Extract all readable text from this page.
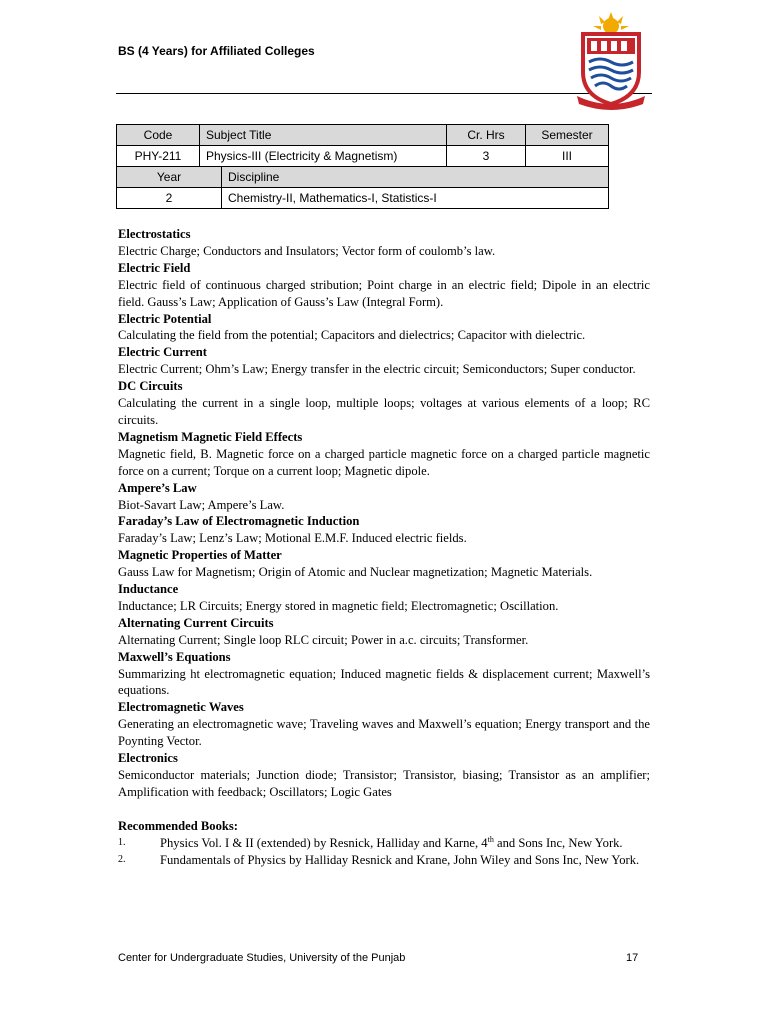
BS (4 Years) for Affiliated Colleges
Code	Subject Title	Cr. Hrs	Semester
PHY-211	Physics-III (Electricity & Magnetism)	3	III
Year	Discipline
2	Chemistry-II, Mathematics-I, Statistics-I
Electrostatics
Electric Charge; Conductors and Insulators; Vector form of coulomb’s law.
Electric Field
Electric field of continuous charged stribution; Point charge in an electric field; Dipole in an electric field. Gauss’s Law; Application of Gauss’s Law (Integral Form).
Electric Potential
Calculating the field from the potential; Capacitors and dielectrics; Capacitor with dielectric.
Electric Current
Electric Current; Ohm’s Law; Energy transfer in the electric circuit; Semiconductors; Super conductor.
DC Circuits
Calculating the current in a single loop, multiple loops; voltages at various elements of a loop; RC circuits.
Magnetism Magnetic Field Effects
Magnetic field, B. Magnetic force on a charged particle magnetic force on a charged particle magnetic force on a current; Torque on a current loop; Magnetic dipole.
Ampere’s Law
Biot-Savart Law; Ampere’s Law.
Faraday’s Law of Electromagnetic Induction
Faraday’s Law; Lenz’s Law; Motional E.M.F. Induced electric fields.
Magnetic Properties of Matter
Gauss Law for Magnetism; Origin of Atomic and Nuclear magnetization; Magnetic Materials.
Inductance
Inductance; LR Circuits; Energy stored in magnetic field; Electromagnetic; Oscillation.
Alternating Current Circuits
Alternating Current; Single loop RLC circuit; Power in a.c. circuits; Transformer.
Maxwell’s Equations
Summarizing ht electromagnetic equation; Induced magnetic fields & displacement current; Maxwell’s equations.
Electromagnetic Waves
Generating an electromagnetic wave; Traveling waves and Maxwell’s equation; Energy transport and the Poynting Vector.
Electronics
Semiconductor materials; Junction diode; Transistor; Transistor, biasing; Transistor as an amplifier; Amplification with feedback; Oscillators; Logic Gates
Recommended Books:
1.	Physics Vol. I & II (extended) by Resnick, Halliday and Karne, 4th and Sons Inc, New York.
2.	Fundamentals of Physics by Halliday Resnick and Krane, John Wiley and Sons Inc, New York.
Center for Undergraduate Studies, University of the Punjab	17
